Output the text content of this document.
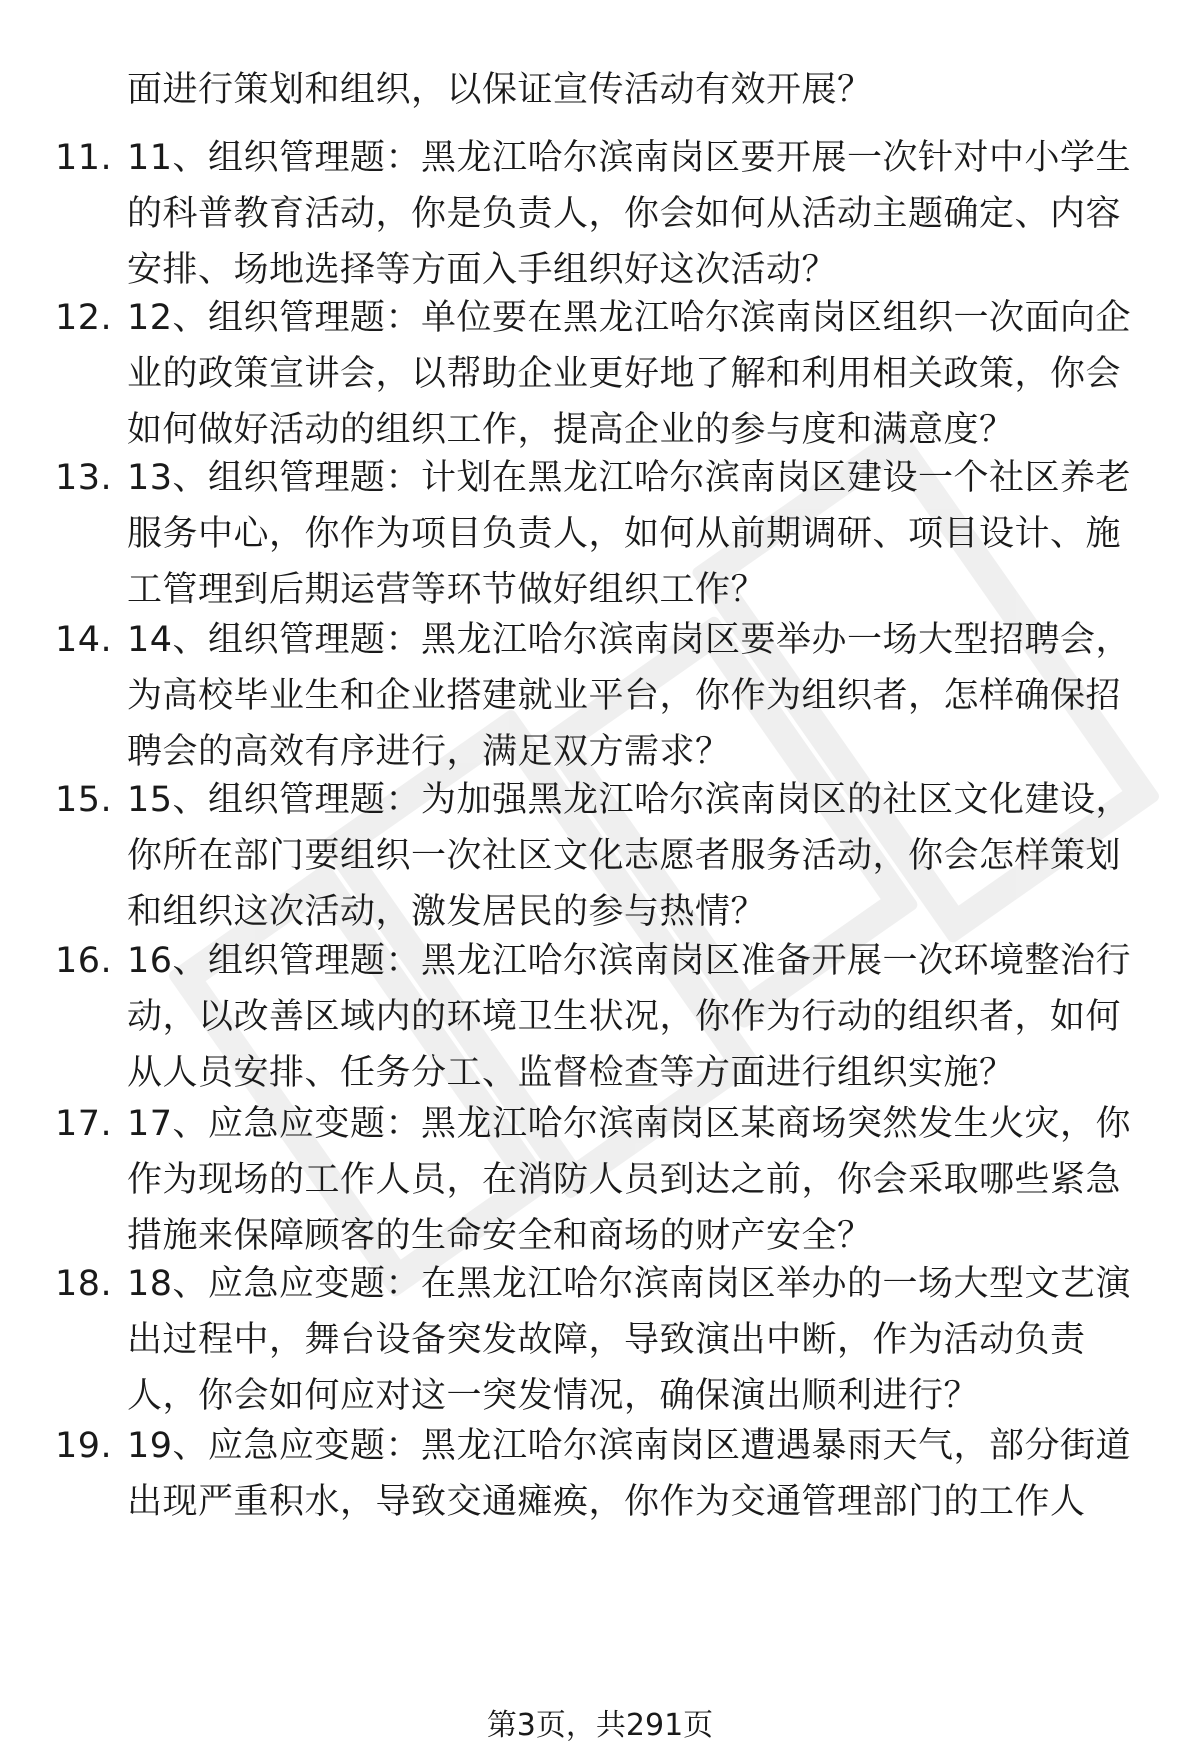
面进行策划和组织，以保证宣传活动有效开展？
11. 11、组织管理题：黑龙江哈尔滨南岗区要开展一次针对中小学生
的科普教育活动，你是负责人，你会如何从活动主题确定、内容
安排、场地选择等方面入手组织好这次活动？
12. 12、组织管理题：单位要在黑龙江哈尔滨南岗区组织一次面向企
业的政策宣讲会，以帮助企业更好地了解和利用相关政策，你会
如何做好活动的组织工作，提高企业的参与度和满意度？
13. 13、组织管理题：计划在黑龙江哈尔滨南岗区建设一个社区养老
服务中心，你作为项目负责人，如何从前期调研、项目设计、施
工管理到后期运营等环节做好组织工作？
14. 14、组织管理题：黑龙江哈尔滨南岗区要举办一场大型招聘会，
为高校毕业生和企业搭建就业平台，你作为组织者，怎样确保招
聘会的高效有序进行，满足双方需求？
15. 15、组织管理题：为加强黑龙江哈尔滨南岗区的社区文化建设，
你所在部门要组织一次社区文化志愿者服务活动，你会怎样策划
和组织这次活动，激发居民的参与热情？
16. 16、组织管理题：黑龙江哈尔滨南岗区准备开展一次环境整治行
动，以改善区域内的环境卫生状况，你作为行动的组织者，如何
从人员安排、任务分工、监督检查等方面进行组织实施？
17. 17、应急应变题：黑龙江哈尔滨南岗区某商场突然发生火灾，你
作为现场的工作人员，在消防人员到达之前，你会采取哪些紧急
措施来保障顾客的生命安全和商场的财产安全？
18. 18、应急应变题：在黑龙江哈尔滨南岗区举办的一场大型文艺演
出过程中，舞台设备突发故障，导致演出中断，作为活动负责
人，你会如何应对这一突发情况，确保演出顺利进行？
19. 19、应急应变题：黑龙江哈尔滨南岗区遭遇暴雨天气，部分街道
出现严重积水，导致交通瘫痪，你作为交通管理部门的工作人
第3页，共291页
